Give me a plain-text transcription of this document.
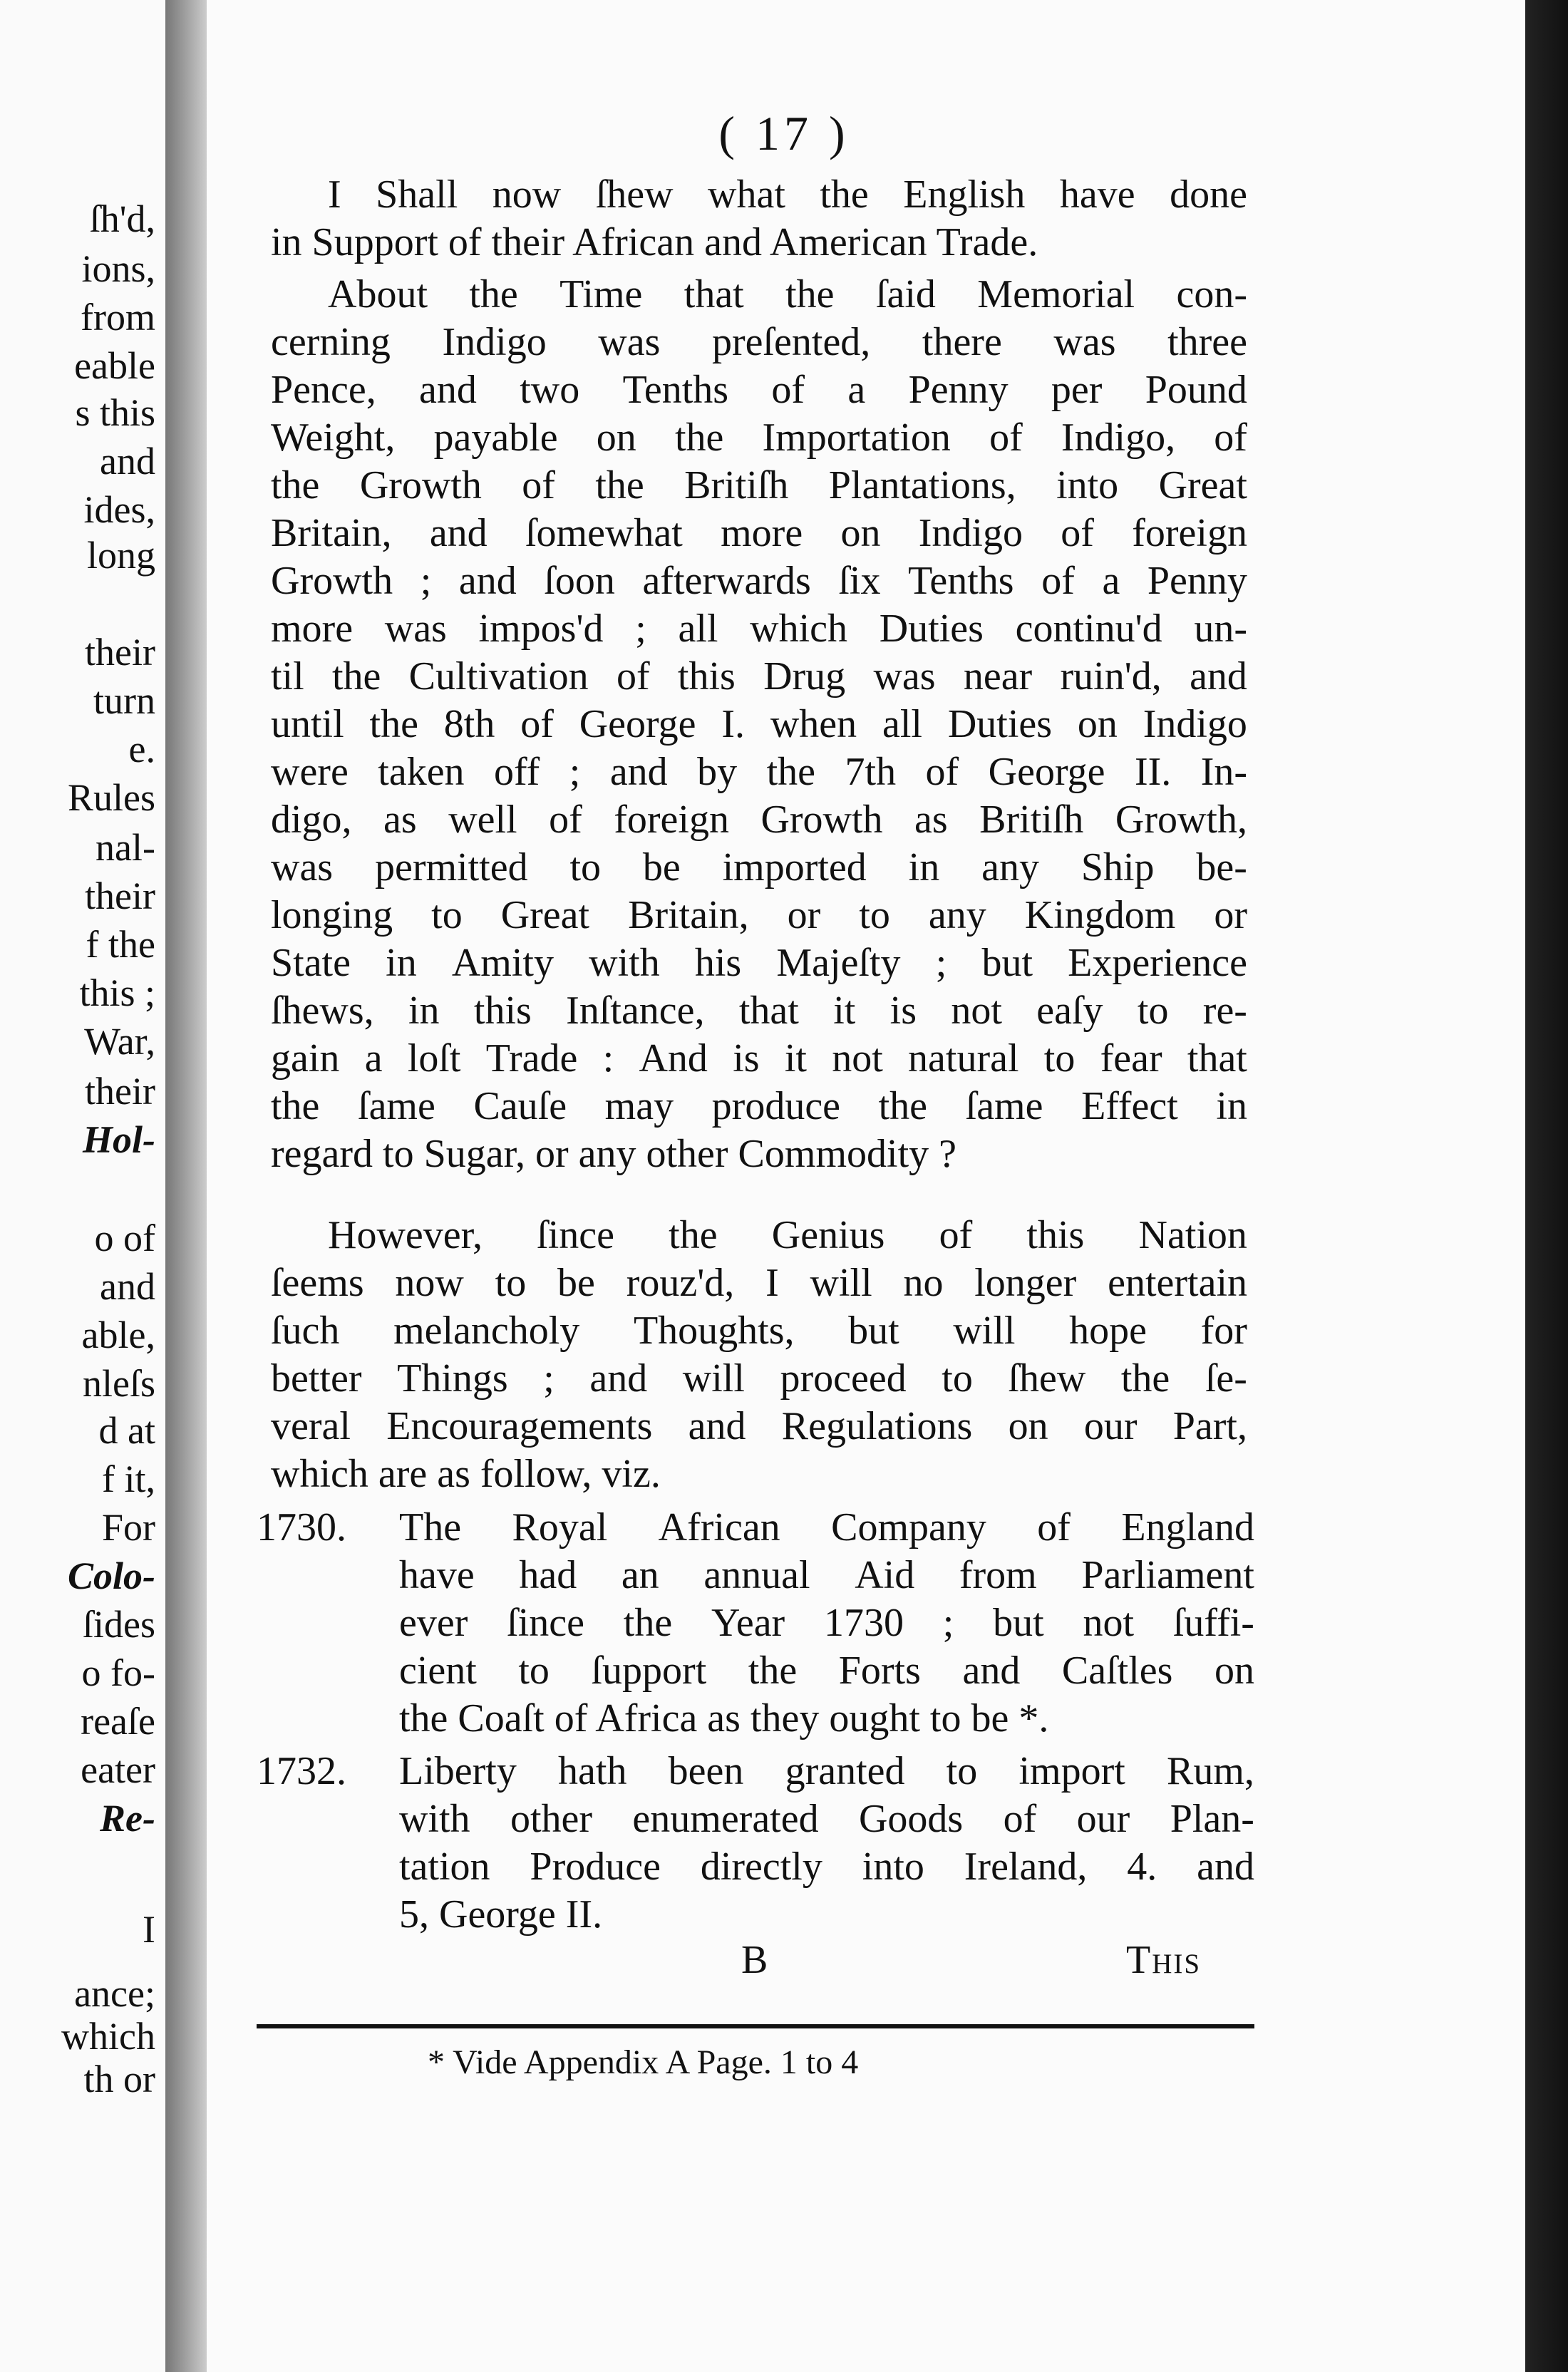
ſh'd,
ions,
from
eable
s this
and
ides,
long
their
turn
e.
Rules
nal-
their
f the
this ;
War,
their
Hol-
o of
and
able,
nleſs
d at
f it,
For
Colo-
ſides
o fo-
reaſe
eater
Re-
I
ance;
which
th or
( 17 )
I Shall now ſhew what the English have done
in Support of their African and American Trade.
About the Time that the ſaid Memorial con-
cerning Indigo was preſented, there was three
Pence, and two Tenths of a Penny per Pound
Weight, payable on the Importation of Indigo, of
the Growth of the Britiſh Plantations, into Great
Britain, and ſomewhat more on Indigo of foreign
Growth ; and ſoon afterwards ſix Tenths of a Penny
more was impos'd ; all which Duties continu'd un-
til the Cultivation of this Drug was near ruin'd, and
until the 8th of George I. when all Duties on Indigo
were taken off ; and by the 7th of George II. In-
digo, as well of foreign Growth as Britiſh Growth,
was permitted to be imported in any Ship be-
longing to Great Britain, or to any Kingdom or
State in Amity with his Majeſty ; but Experience
ſhews, in this Inſtance, that it is not eaſy to re-
gain a loſt Trade : And is it not natural to fear that
the ſame Cauſe may produce the ſame Effect in
regard to Sugar, or any other Commodity ?
However, ſince the Genius of this Nation
ſeems now to be rouz'd, I will no longer entertain
ſuch melancholy Thoughts, but will hope for
better Things ; and will proceed to ſhew the ſe-
veral Encouragements and Regulations on our Part,
which are as follow, viz.
1730. The Royal African Company of England
have had an annual Aid from Parliament
ever ſince the Year 1730 ; but not ſuffi-
cient to ſupport the Forts and Caſtles on
the Coaſt of Africa as they ought to be *.
1732. Liberty hath been granted to import Rum,
with other enumerated Goods of our Plan-
tation Produce directly into Ireland, 4. and
5, George II.
B	This
* Vide Appendix A Page. 1 to 4
